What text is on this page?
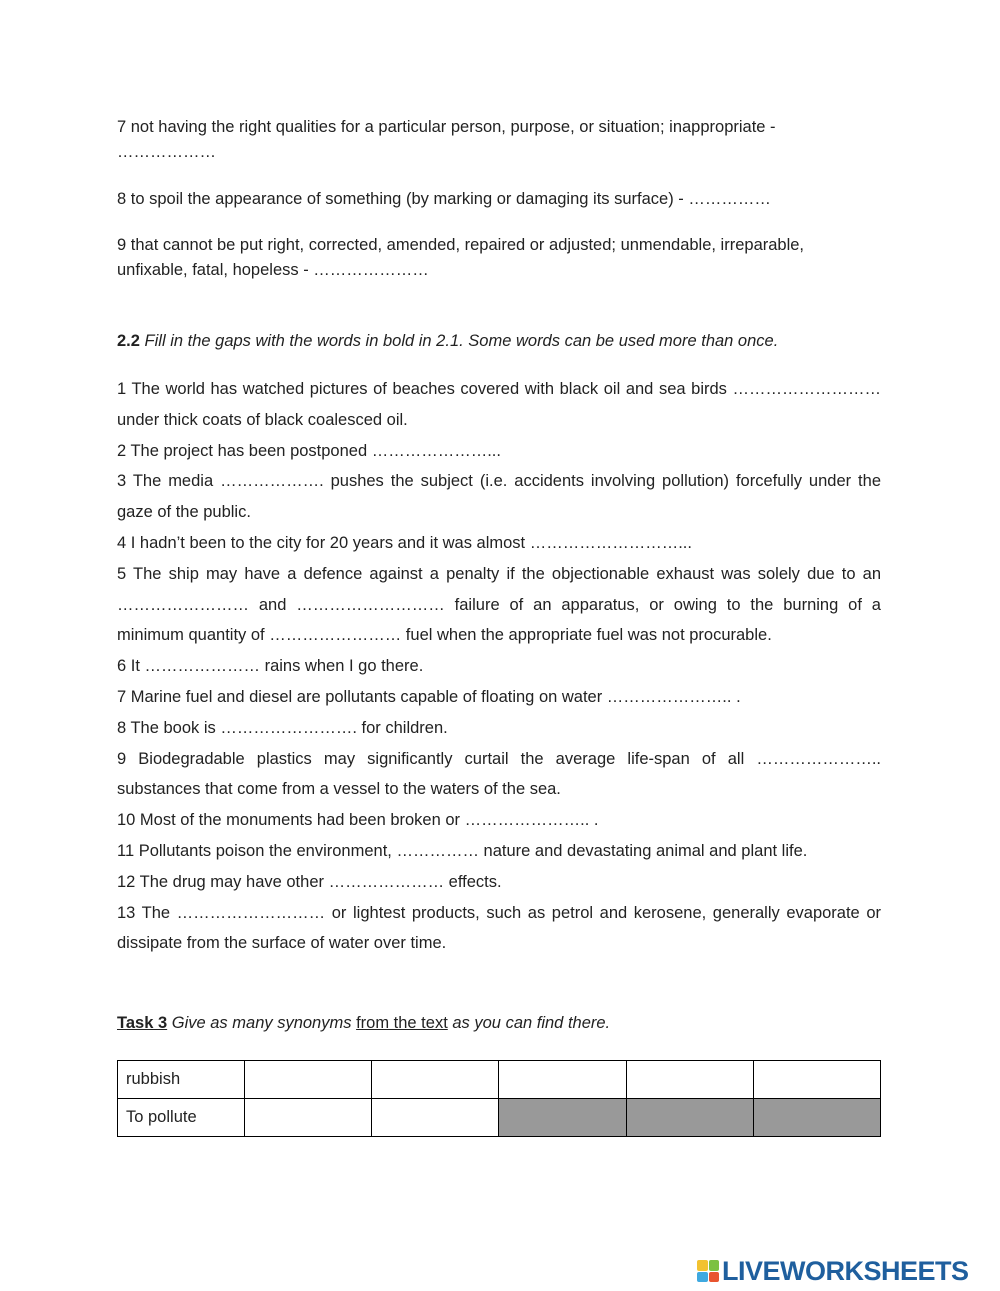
7 not having the right qualities for a particular person, purpose, or situation; inappropriate -
………………
8 to spoil the appearance of something (by marking or damaging its surface) - ……………
9 that cannot be put right, corrected, amended, repaired or adjusted; unmendable, irreparable,
unfixable, fatal, hopeless - …………………
2.2 Fill in the gaps with the words in bold in 2.1. Some words can be used more than once.

1 The world has watched pictures of beaches covered with black oil and sea birds ……………………… under thick coats of black coalesced oil.

2 The project has been postponed …………………...

3 The media ………………. pushes the subject (i.e. accidents involving pollution) forcefully under the gaze of the public.

4 I hadn’t been to the city for 20 years and it was almost ………………………...

5 The ship may have a defence against a penalty if the objectionable exhaust was solely due to an …………………… and ……………………… failure of an apparatus, or owing to the burning of a minimum quantity of …………………… fuel when the appropriate fuel was not procurable.

6 It ………………… rains when I go there.

7 Marine fuel and diesel are pollutants capable of floating on water ………………….. .

8 The book is ……………………. for children.

9 Biodegradable plastics may significantly curtail the average life-span of all ………………….. substances that come from a vessel to the waters of the sea.

10 Most of the monuments had been broken or ………………….. .

11 Pollutants poison the environment, …………… nature and devastating animal and plant life.

12 The drug may have other ………………… effects.

13 The ……………………… or lightest products, such as petrol and kerosene, generally evaporate or dissipate from the surface of water over time.

Task 3 Give as many synonyms from the text as you can find there.
rubbish					
To pollute					
LIVEWORKSHEETS
